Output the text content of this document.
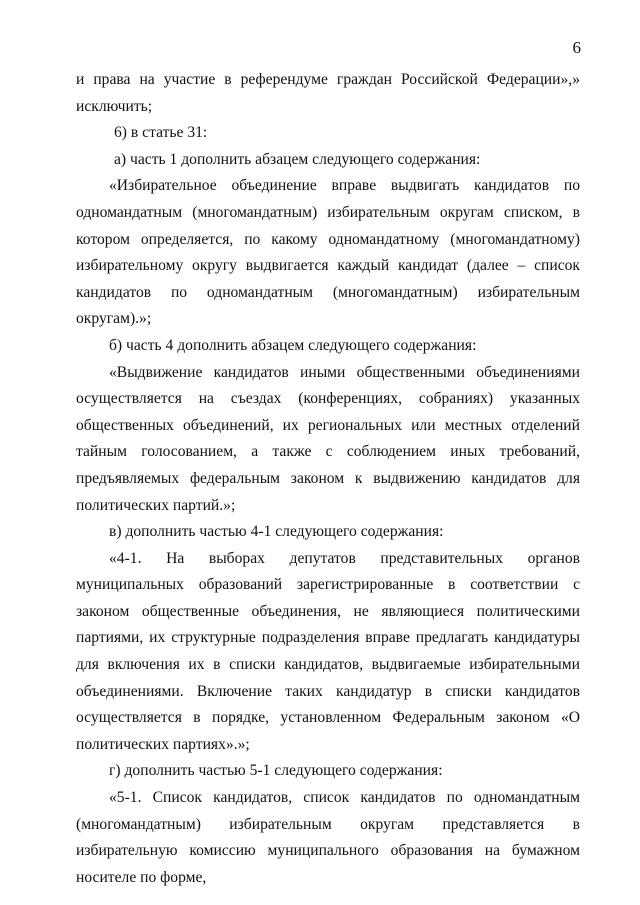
6

и права на участие в референдуме граждан Российской Федерации»,» исключить;

6) в статье 31:

а) часть 1 дополнить абзацем следующего содержания:

«Избирательное объединение вправе выдвигать кандидатов по одномандатным (многомандатным) избирательным округам списком, в котором определяется, по какому одномандатному (многомандатному) избирательному округу выдвигается каждый кандидат (далее – список кандидатов по одномандатным (многомандатным) избирательным округам).»;

б) часть 4 дополнить абзацем следующего содержания:

«Выдвижение кандидатов иными общественными объединениями осуществляется на съездах (конференциях, собраниях) указанных общественных объединений, их региональных или местных отделений тайным голосованием, а также с соблюдением иных требований, предъявляемых федеральным законом к выдвижению кандидатов для политических партий.»;

в) дополнить частью 4-1 следующего содержания:

«4-1. На выборах депутатов представительных органов муниципальных образований зарегистрированные в соответствии с законом общественные объединения, не являющиеся политическими партиями, их структурные подразделения вправе предлагать кандидатуры для включения их в списки кандидатов, выдвигаемые избирательными объединениями. Включение таких кандидатур в списки кандидатов осуществляется в порядке, установленном Федеральным законом «О политических партиях».»;

г) дополнить частью 5-1 следующего содержания:

«5-1. Список кандидатов, список кандидатов по одномандатным (многомандатным) избирательным округам представляется в избирательную комиссию муниципального образования на бумажном носителе по форме,
